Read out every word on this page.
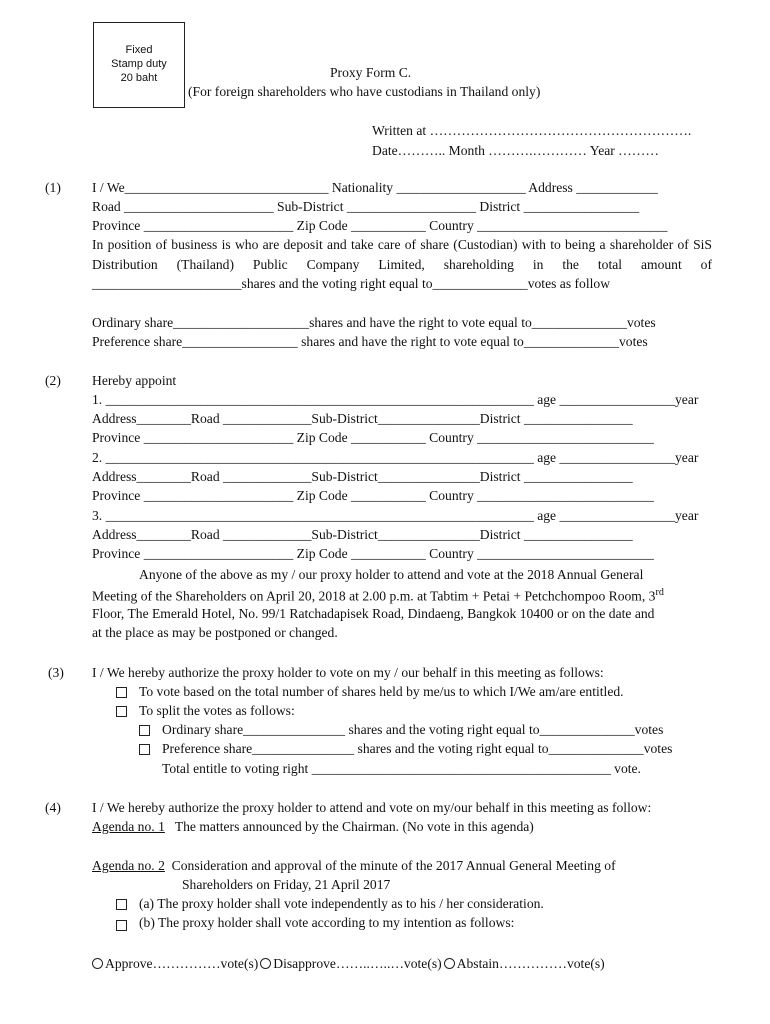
Fixed
Stamp duty
20 baht	Proxy Form C.
(For foreign shareholders who have custodians in Thailand only)
Written at ………………………………………………….
Date……….. Month ……….………… Year ………
(1) I / We______________________________ Nationality ___________________ Address ____________
Road ______________________ Sub-District ___________________ District _________________
Province ______________________ Zip Code ___________ Country ____________________________
In position of business is who are deposit and take care of share (Custodian) with to being a shareholder of SiS Distribution (Thailand) Public Company Limited, shareholding in the total amount of ______________________shares and the voting right equal to______________votes as follow
Ordinary share____________________shares and have the right to vote equal to______________votes
Preference share_________________ shares and have the right to vote equal to______________votes
(2) Hereby appoint
1. _______________________________________________________________ age _________________year
Address________Road _____________Sub-District_______________District ________________
Province ______________________ Zip Code ___________ Country __________________________
2. _______________________________________________________________ age _________________year
Address________Road _____________Sub-District_______________District ________________
Province ______________________ Zip Code ___________ Country __________________________
3. _______________________________________________________________ age _________________year
Address________Road _____________Sub-District_______________District ________________
Province ______________________ Zip Code ___________ Country __________________________
Anyone of the above as my / our proxy holder to attend and vote at the 2018 Annual General
Meeting of the Shareholders on April 20, 2018 at 2.00 p.m. at Tabtim + Petai + Petchchompoo Room, 3rd
Floor, The Emerald Hotel, No. 99/1 Ratchadapisek Road, Dindaeng, Bangkok 10400 or on the date and
at the place as may be postponed or changed.
(3) I / We hereby authorize the proxy holder to vote on my / our behalf in this meeting as follows:
To vote based on the total number of shares held by me/us to which I/We am/are entitled.
To split the votes as follows:
Ordinary share_______________ shares and the voting right equal to______________votes
Preference share_______________ shares and the voting right equal to______________votes
Total entitle to voting right ____________________________________________ vote.
(4) I / We hereby authorize the proxy holder to attend and vote on my/our behalf in this meeting as follow:
Agenda no. 1 The matters announced by the Chairman. (No vote in this agenda)
Agenda no. 2 Consideration and approval of the minute of the 2017 Annual General Meeting of
Shareholders on Friday, 21 April 2017
(a) The proxy holder shall vote independently as to his / her consideration.
(b) The proxy holder shall vote according to my intention as follows:
Approve……………vote(s) Disapprove……..…..…vote(s) Abstain……………vote(s)
